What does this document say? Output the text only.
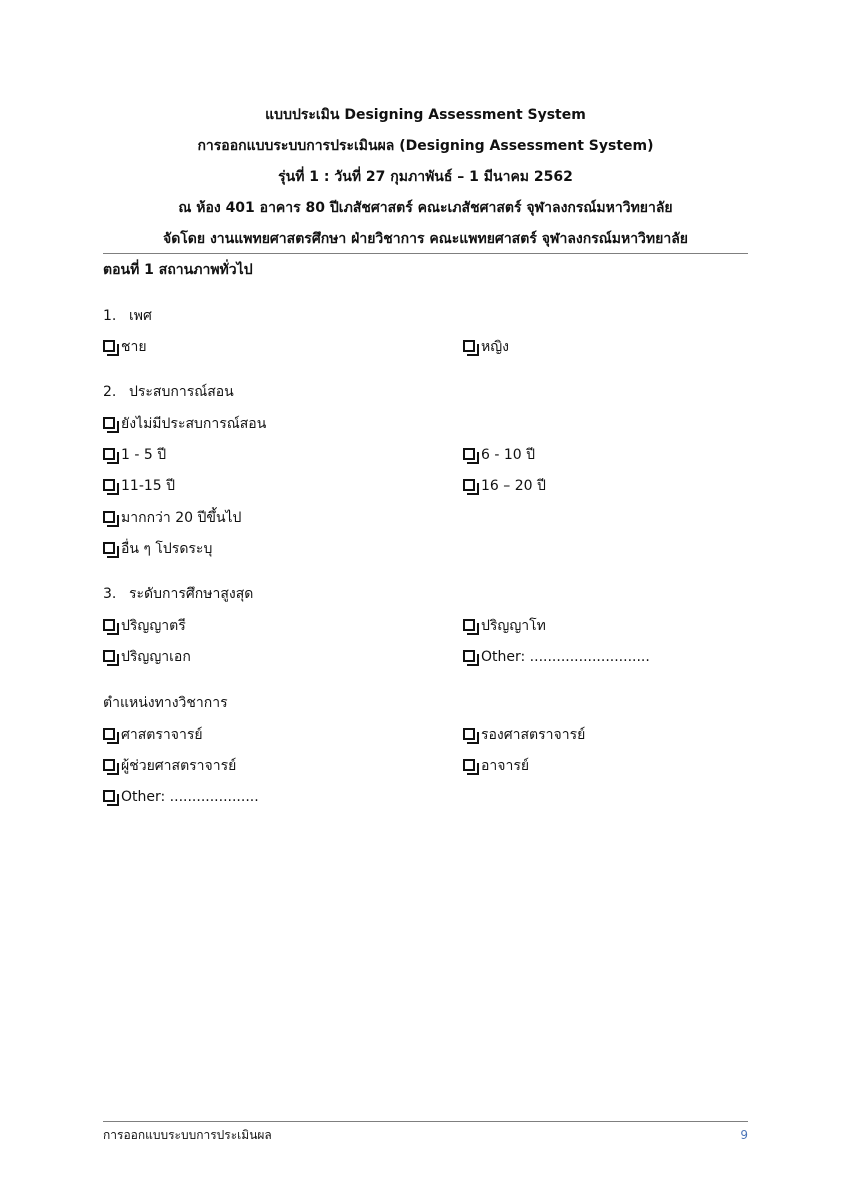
แบบประเมิน Designing Assessment System
การออกแบบระบบการประเมินผล (Designing Assessment System)
รุ่นที่ 1 : วันที่ 27 กุมภาพันธ์ – 1 มีนาคม 2562
ณ ห้อง 401 อาคาร 80 ปีเภสัชศาสตร์ คณะเภสัชศาสตร์ จุฬาลงกรณ์มหาวิทยาลัย
จัดโดย งานแพทยศาสตรศึกษา ฝ่ายวิชาการ คณะแพทยศาสตร์ จุฬาลงกรณ์มหาวิทยาลัย
ตอนที่ 1 สถานภาพทั่วไป
1. เพศ
ชาย	หญิง
2. ประสบการณ์สอน
ยังไม่มีประสบการณ์สอน
1 - 5 ปี	6 - 10 ปี
11-15 ปี	16 – 20 ปี
มากกว่า 20 ปีขึ้นไป
อื่น ๆ โปรดระบุ
3. ระดับการศึกษาสูงสุด
ปริญญาตรี	ปริญญาโท
ปริญญาเอก	Other: ...........................
ตำแหน่งทางวิชาการ
ศาสตราจารย์	รองศาสตราจารย์
ผู้ช่วยศาสตราจารย์	อาจารย์
Other: ....................
การออกแบบระบบการประเมินผล	9
